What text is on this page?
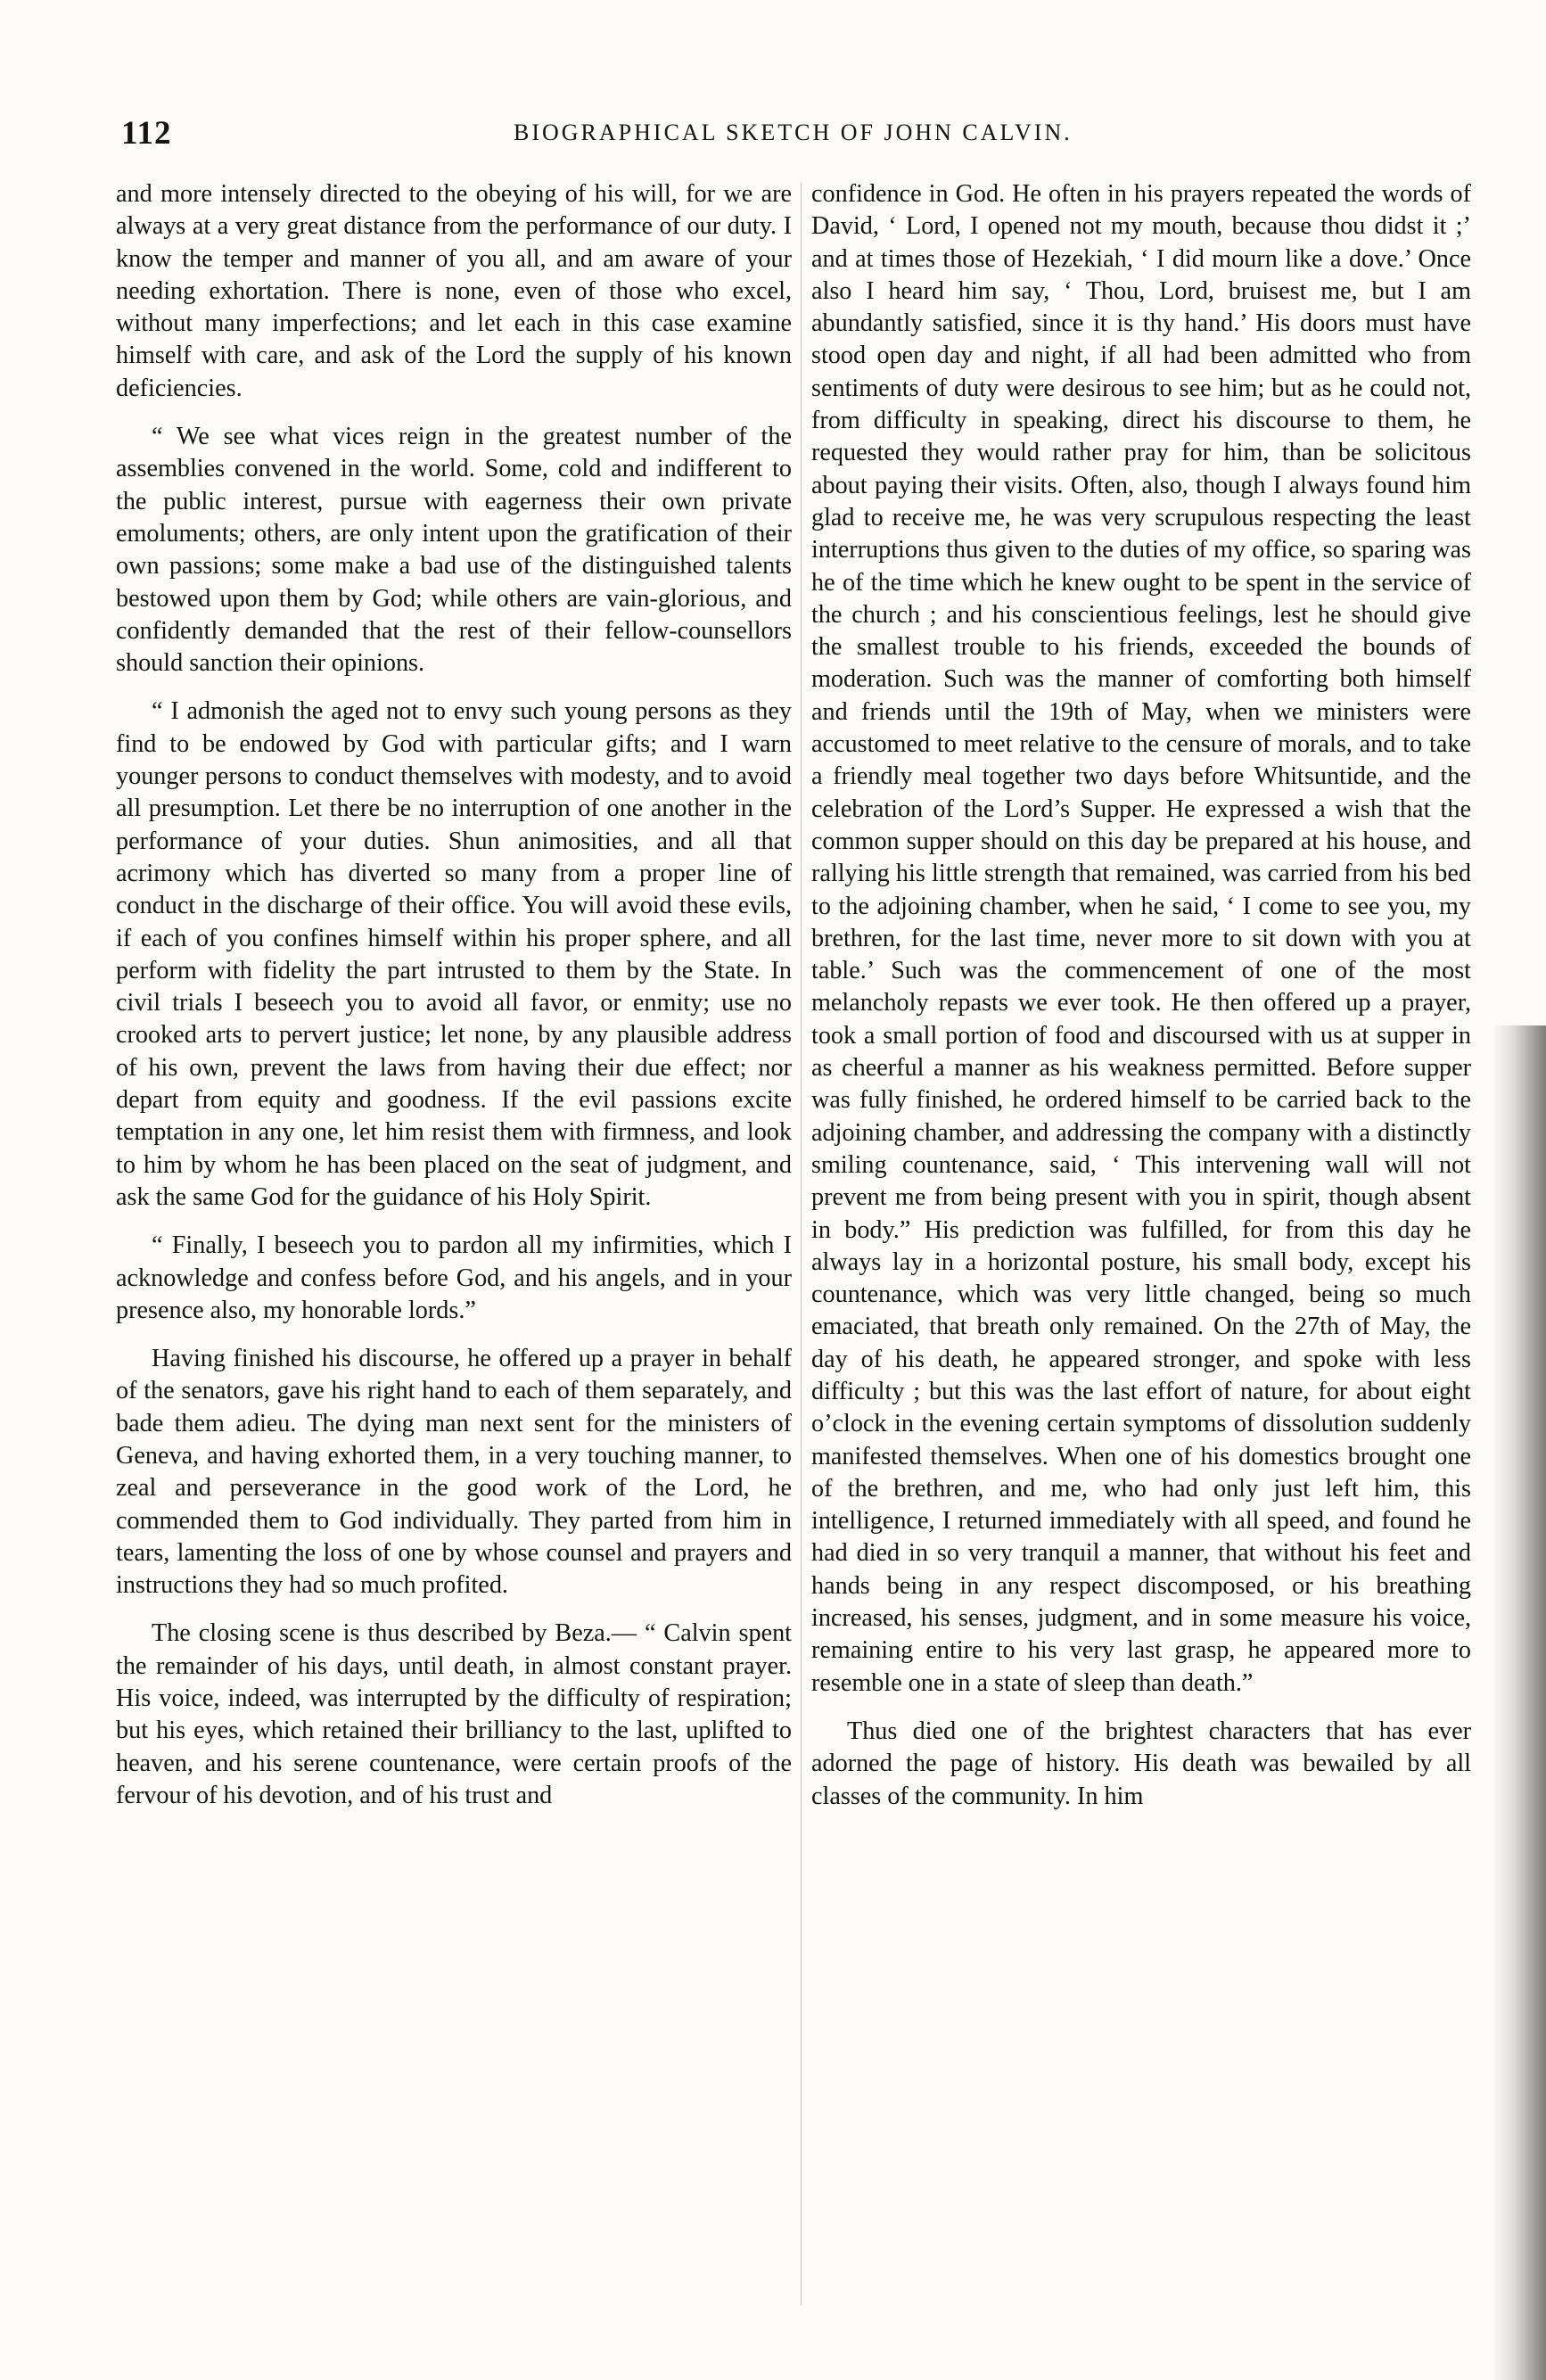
112	BIOGRAPHICAL SKETCH OF JOHN CALVIN.

and more intensely directed to the obeying of his will, for we are always at a very great distance from the performance of our duty. I know the temper and manner of you all, and am aware of your needing exhortation. There is none, even of those who excel, without many imperfections; and let each in this case examine himself with care, and ask of the Lord the supply of his known deficiencies.

“ We see what vices reign in the greatest number of the assemblies convened in the world. Some, cold and indifferent to the public interest, pursue with eagerness their own private emoluments; others, are only intent upon the gratification of their own passions; some make a bad use of the distinguished talents bestowed upon them by God; while others are vain-glorious, and confidently demanded that the rest of their fellow-counsellors should sanction their opinions.

“ I admonish the aged not to envy such young persons as they find to be endowed by God with particular gifts; and I warn younger persons to conduct themselves with modesty, and to avoid all presumption. Let there be no interruption of one another in the performance of your duties. Shun animosities, and all that acrimony which has diverted so many from a proper line of conduct in the discharge of their office. You will avoid these evils, if each of you confines himself within his proper sphere, and all perform with fidelity the part intrusted to them by the State. In civil trials I beseech you to avoid all favor, or enmity; use no crooked arts to pervert justice; let none, by any plausible address of his own, prevent the laws from having their due effect; nor depart from equity and goodness. If the evil passions excite temptation in any one, let him resist them with firmness, and look to him by whom he has been placed on the seat of judgment, and ask the same God for the guidance of his Holy Spirit.

“ Finally, I beseech you to pardon all my infirmities, which I acknowledge and confess before God, and his angels, and in your presence also, my honorable lords.”

Having finished his discourse, he offered up a prayer in behalf of the senators, gave his right hand to each of them separately, and bade them adieu. The dying man next sent for the ministers of Geneva, and having exhorted them, in a very touching manner, to zeal and perseverance in the good work of the Lord, he commended them to God individually. They parted from him in tears, lamenting the loss of one by whose counsel and prayers and instructions they had so much profited.

The closing scene is thus described by Beza.— “ Calvin spent the remainder of his days, until death, in almost constant prayer. His voice, indeed, was interrupted by the difficulty of respiration; but his eyes, which retained their brilliancy to the last, uplifted to heaven, and his serene countenance, were certain proofs of the fervour of his devotion, and of his trust and

confidence in God. He often in his prayers repeated the words of David, ‘ Lord, I opened not my mouth, because thou didst it ;’ and at times those of Hezekiah, ‘ I did mourn like a dove.’ Once also I heard him say, ‘ Thou, Lord, bruisest me, but I am abundantly satisfied, since it is thy hand.’ His doors must have stood open day and night, if all had been admitted who from sentiments of duty were desirous to see him; but as he could not, from difficulty in speaking, direct his discourse to them, he requested they would rather pray for him, than be solicitous about paying their visits. Often, also, though I always found him glad to receive me, he was very scrupulous respecting the least interruptions thus given to the duties of my office, so sparing was he of the time which he knew ought to be spent in the service of the church ; and his conscientious feelings, lest he should give the smallest trouble to his friends, exceeded the bounds of moderation. Such was the manner of comforting both himself and friends until the 19th of May, when we ministers were accustomed to meet relative to the censure of morals, and to take a friendly meal together two days before Whitsuntide, and the celebration of the Lord’s Supper. He expressed a wish that the common supper should on this day be prepared at his house, and rallying his little strength that remained, was carried from his bed to the adjoining chamber, when he said, ‘ I come to see you, my brethren, for the last time, never more to sit down with you at table.’ Such was the commencement of one of the most melancholy repasts we ever took. He then offered up a prayer, took a small portion of food and discoursed with us at supper in as cheerful a manner as his weakness permitted. Before supper was fully finished, he ordered himself to be carried back to the adjoining chamber, and addressing the company with a distinctly smiling countenance, said, ‘ This intervening wall will not prevent me from being present with you in spirit, though absent in body.” His prediction was fulfilled, for from this day he always lay in a horizontal posture, his small body, except his countenance, which was very little changed, being so much emaciated, that breath only remained. On the 27th of May, the day of his death, he appeared stronger, and spoke with less difficulty ; but this was the last effort of nature, for about eight o’clock in the evening certain symptoms of dissolution suddenly manifested themselves. When one of his domestics brought one of the brethren, and me, who had only just left him, this intelligence, I returned immediately with all speed, and found he had died in so very tranquil a manner, that without his feet and hands being in any respect discomposed, or his breathing increased, his senses, judgment, and in some measure his voice, remaining entire to his very last grasp, he appeared more to resemble one in a state of sleep than death.”

Thus died one of the brightest characters that has ever adorned the page of history. His death was bewailed by all classes of the community. In him
